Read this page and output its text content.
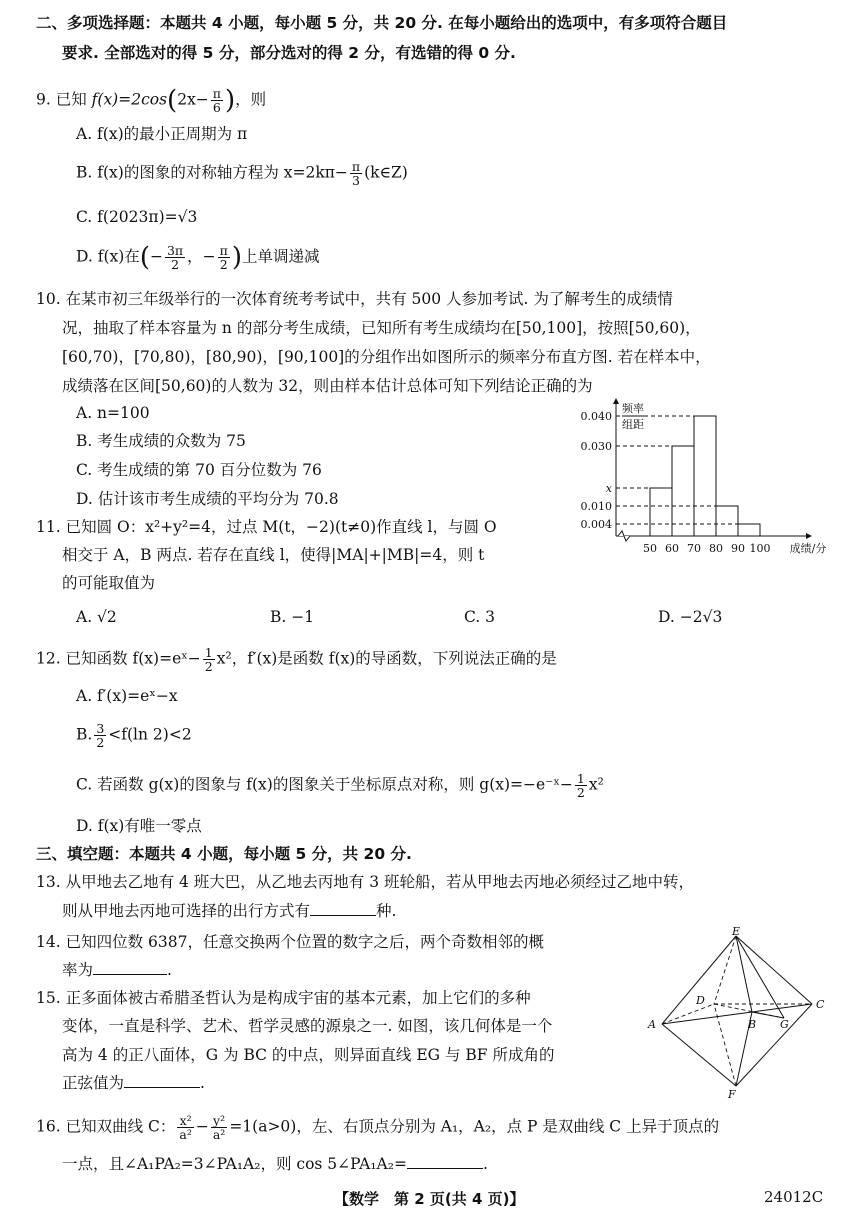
二、多项选择题：本题共 4 小题，每小题 5 分，共 20 分. 在每小题给出的选项中，有多项符合题目
要求. 全部选对的得 5 分，部分选对的得 2 分，有选错的得 0 分.
9. 已知 $f(x)=2\cos(2x- \frac{\pi}{6}$ )，则
A. f(x)的最小正周期为 π
B. f(x)的图象的对称轴方程为 $x=2k\pi- \frac{\pi}{3}$ (k∈Z)
C. f(2023π)=√3
D. f(x)在(− $\frac{3\pi}{2}$ ，− $\frac{\pi}{2}$ )上单调递减
10. 在某市初三年级举行的一次体育统考考试中，共有 500 人参加考试. 为了解考生的成绩情
况，抽取了样本容量为 n 的部分考生成绩，已知所有考生成绩均在[50,100]，按照[50,60)，
[60,70)，[70,80)，[80,90)，[90,100]的分组作出如图所示的频率分布直方图. 若在样本中，
成绩落在区间[50,60)的人数为 32，则由样本估计总体可知下列结论正确的为
A. n=100
B. 考生成绩的众数为 75
C. 考生成绩的第 70 百分位数为 76
D. 估计该市考生成绩的平均分为 70.8
0.040
0.030
x
0.010
0.004
50 60 70 80 90 100 成绩/分
频率
组距
11. 已知圆 O：x²+y²=4，过点 M(t，−2)(t≠0)作直线 l，与圆 O
相交于 A，B 两点. 若存在直线 l，使得|MA|+|MB|=4，则 t
的可能取值为
A. √2	B. −1	C. 3	D. −2√3
12. 已知函数 f(x)=eˣ− $\frac{1}{2} x^2$，f′(x)是函数 f(x)的导函数，下列说法正确的是
A. f′(x)=eˣ−x
B. $\frac{3}{2} <f(\ln$ 2)<2
C. 若函数 g(x)的图象与 f(x)的图象关于坐标原点对称，则 g(x)=−e⁻ˣ− $\frac{1}{2} x^2$
D. f(x)有唯一零点
三、填空题：本题共 4 小题，每小题 5 分，共 20 分.
13. 从甲地去乙地有 4 班大巴，从乙地去丙地有 3 班轮船，若从甲地去丙地必须经过乙地中转，
则从甲地去丙地可选择的出行方式有	种.
14. 已知四位数 6387，任意交换两个位置的数字之后，两个奇数相邻的概
率为	.
15. 正多面体被古希腊圣哲认为是构成宇宙的基本元素，加上它们的多种
变体，一直是科学、艺术、哲学灵感的源泉之一. 如图，该几何体是一个
高为 4 的正八面体，G 为 BC 的中点，则异面直线 EG 与 BF 所成角的
正弦值为	.
E
D	C
A	B G
F
16. 已知双曲线 C： $\frac{\text{x²}}{\text{a²}} - \frac{\text{y²}}{\text{a²}} =1(a>0)$，左、右顶点分别为 A₁，A₂，点 P 是双曲线 C 上异于顶点的
一点，且∠A₁PA₂=3∠PA₁A₂，则 cos 5∠PA₁A₂=	.
【数学　第 2 页(共 4 页)】	24012C
